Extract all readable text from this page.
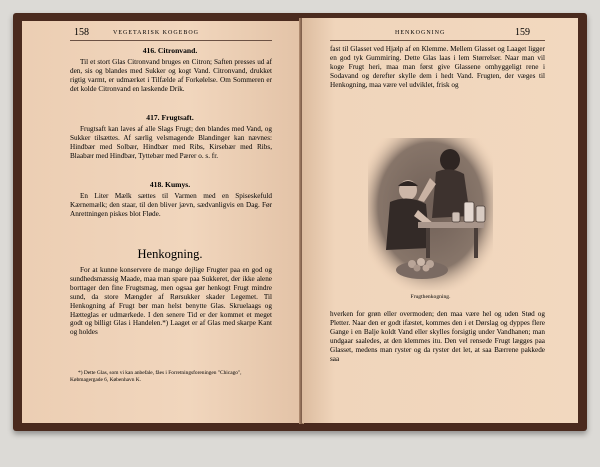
158	VEGETARISK KOGEBOG
416. Citronvand.
Til et stort Glas Citronvand bruges en Citron; Saften presses ud af den, sis og blandes med Sukker og kogt Vand. Citronvand, drukket rigtig varmt, er udmærket i Tilfælde af Forkølelse. Om Sommeren er det kolde Citronvand en læskende Drik.
417. Frugtsaft.
Frugtsaft kan laves af alle Slags Frugt; den blandes med Vand, og Sukker tilsættes. Af særlig velsmagende Blandinger kan nævnes: Hindbær med Solbær, Hindbær med Ribs, Kirsebær med Ribs, Blaabær med Hindbær, Tyttebær med Pærer o. s. fr.
418. Kumys.
En Liter Mælk sættes til Varmen med en Spiseskefuld Kærnemælk; den staar, til den bliver jævn, sædvanligvis en Dag. Før Anrettningen piskes blot Fløde.
Henkogning.
For at kunne konservere de mange dejlige Frugter paa en god og sundhedsmæssig Maade, maa man spare paa Sukkeret, der ikke alene borttager den fine Frugtsmag, men ogsaa gør henkogt Frugt mindre sund, da store Mængder af Rørsukker skader Legemet. Til Henkogning af Frugt bør man helst benytte Glas. Skruelaags og Hætteglas er udmærkede. I den senere Tid er der kommet et meget godt og billigt Glas i Handelen.*) Laaget er af Glas med skarpe Kant og holdes
*) Dette Glas, som vi kan anbefale, fåes i Forretningsforeningen "Chicago", Købmagergade 6, København K.
HENKOGNING	159
fast til Glasset ved Hjælp af en Klemme. Mellem Glasset og Laaget ligger en god tyk Gummiring. Dette Glas laas i lem Størrelser. Naar man vil koge Frugt heri, maa man først give Glassene omhyggeligt rene i Sodavand og derefter skylle dem i hedt Vand. Frugten, der væges til Henkogning, maa være vel udviklet, frisk og
Frugthenkogning.
hverken for grøn eller overmoden; den maa være hel og uden Stød og Pletter. Naar den er godt ifæstet, kommes den i et Dørslag og dyppes flere Gange i en Balje koldt Vand eller skylles forsigtig under Vandhanen; man undgaar saaledes, at den klemmes itu. Den vel rensede Frugt lægges paa Glasset, medens man ryster og da ryster det let, at saa Bærrene pakkede saa
